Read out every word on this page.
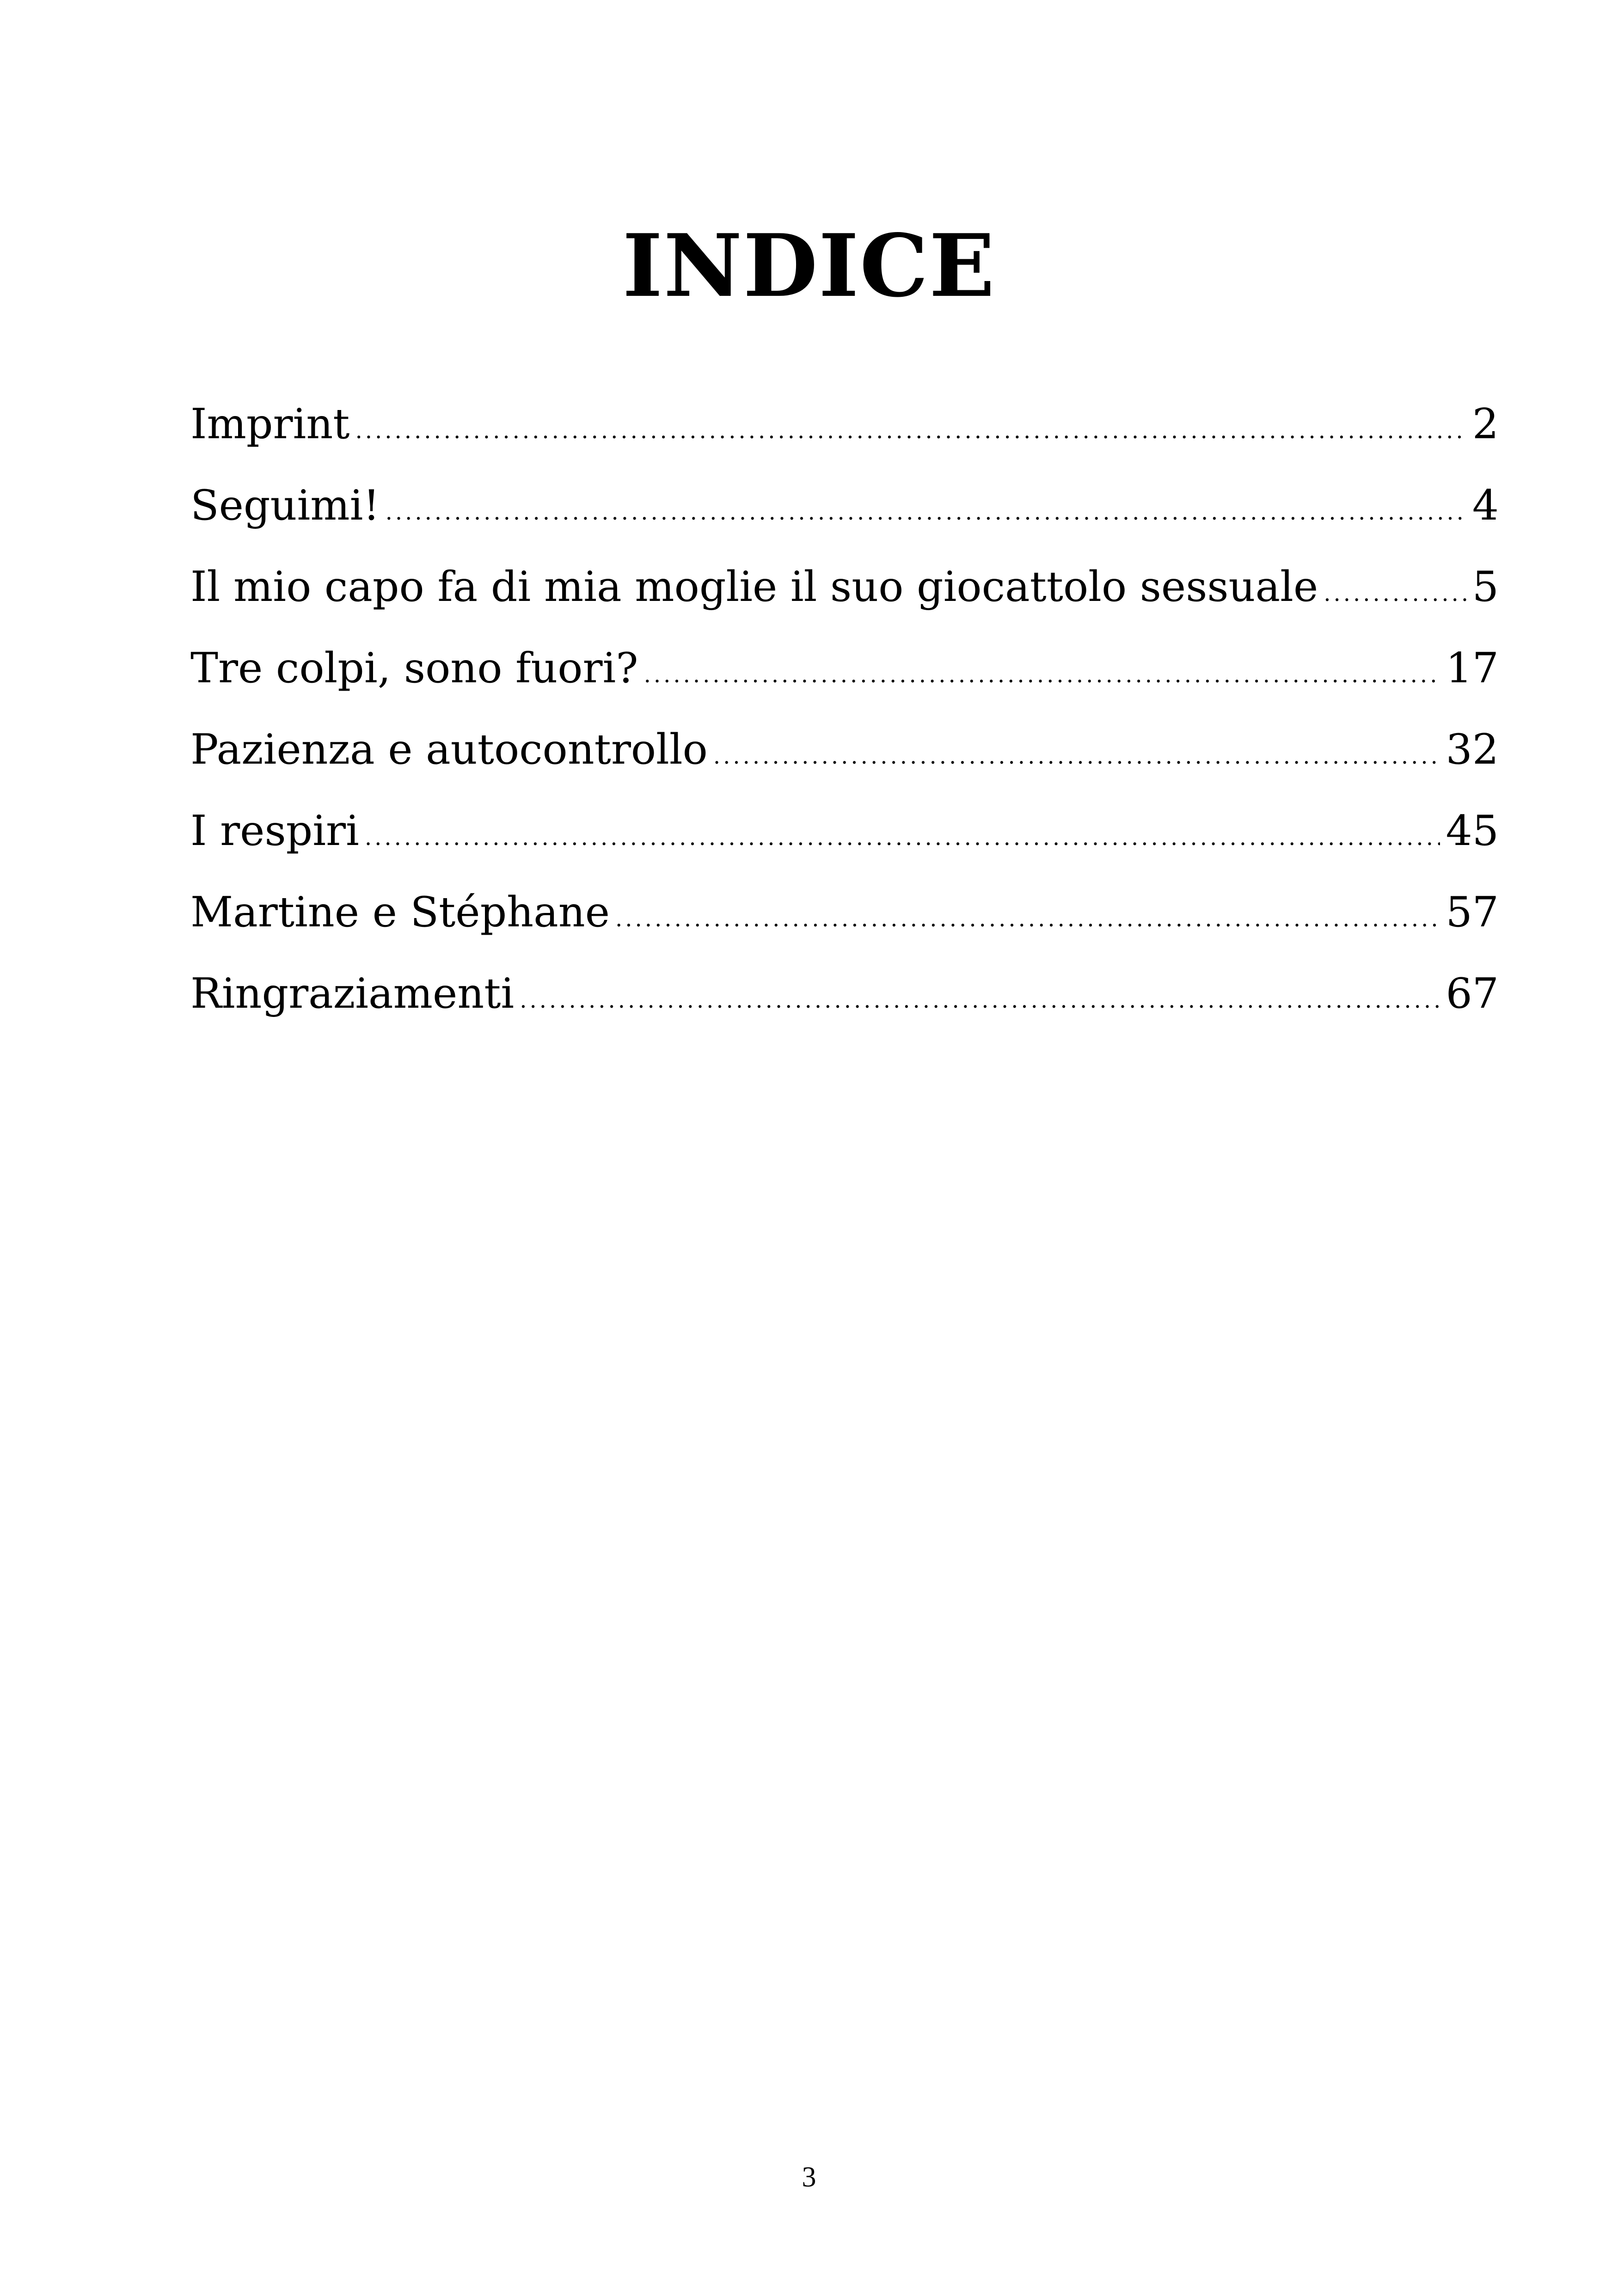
INDICE
Imprint .....	2
Seguimi! .....	4
Il mio capo fa di mia moglie il suo giocattolo sessuale .....	5
Tre colpi, sono fuori? .....	17
Pazienza e autocontrollo .....	32
I respiri .....	45
Martine e Stéphane .....	57
Ringraziamenti .....	67
3
